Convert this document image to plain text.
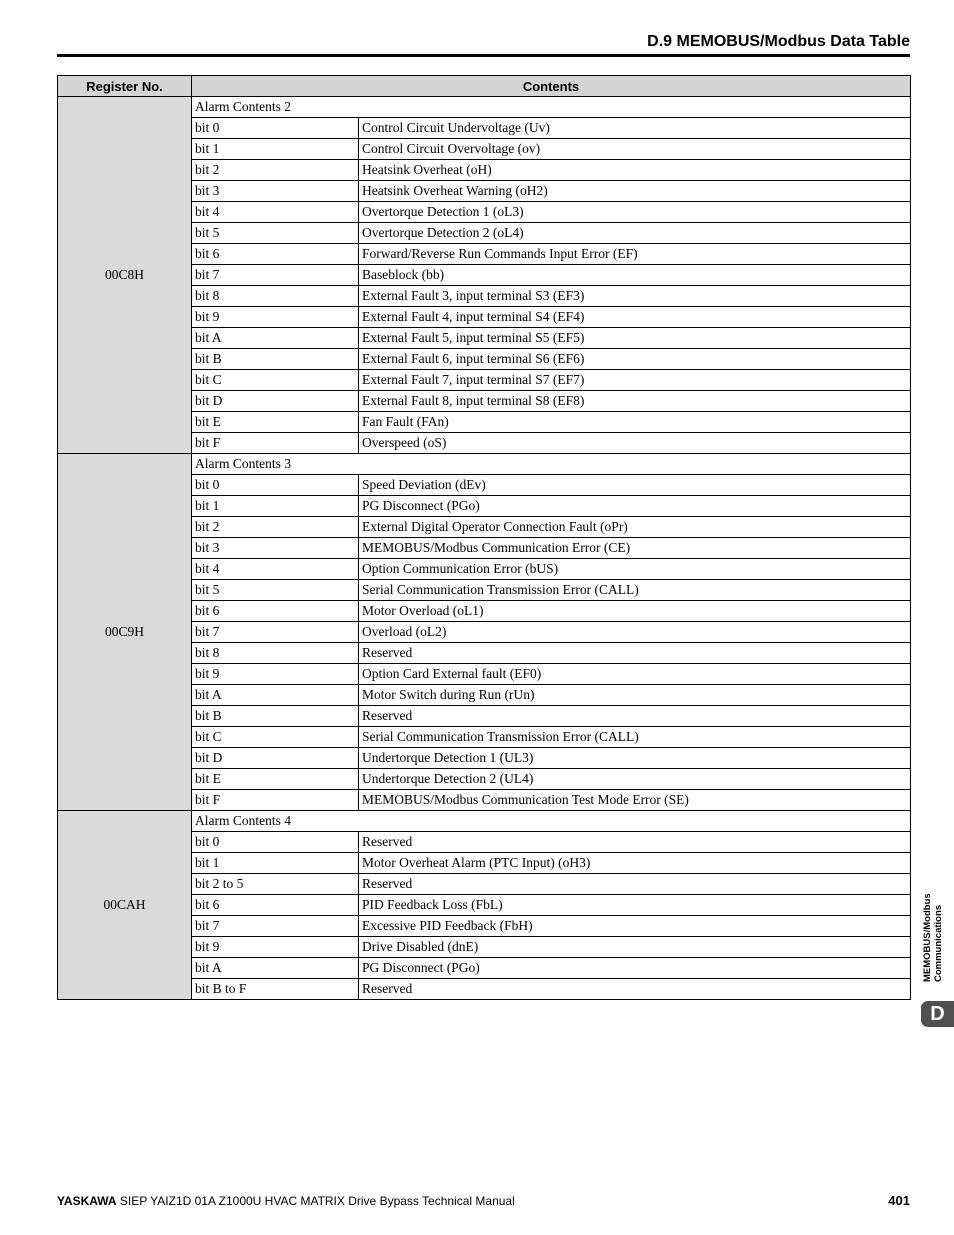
D.9 MEMOBUS/Modbus Data Table
Register No.	Contents	
00C8H	Alarm Contents 2	
	bit 0	Control Circuit Undervoltage (Uv)
	bit 1	Control Circuit Overvoltage (ov)
	bit 2	Heatsink Overheat (oH)
	bit 3	Heatsink Overheat Warning (oH2)
	bit 4	Overtorque Detection 1 (oL3)
	bit 5	Overtorque Detection 2 (oL4)
	bit 6	Forward/Reverse Run Commands Input Error (EF)
	bit 7	Baseblock (bb)
	bit 8	External Fault 3, input terminal S3 (EF3)
	bit 9	External Fault 4, input terminal S4 (EF4)
	bit A	External Fault 5, input terminal S5 (EF5)
	bit B	External Fault 6, input terminal S6 (EF6)
	bit C	External Fault 7, input terminal S7 (EF7)
	bit D	External Fault 8, input terminal S8 (EF8)
	bit E	Fan Fault (FAn)
	bit F	Overspeed (oS)
00C9H	Alarm Contents 3	
	bit 0	Speed Deviation (dEv)
	bit 1	PG Disconnect (PGo)
	bit 2	External Digital Operator Connection Fault (oPr)
	bit 3	MEMOBUS/Modbus Communication Error (CE)
	bit 4	Option Communication Error (bUS)
	bit 5	Serial Communication Transmission Error (CALL)
	bit 6	Motor Overload (oL1)
	bit 7	Overload (oL2)
	bit 8	Reserved
	bit 9	Option Card External fault (EF0)
	bit A	Motor Switch during Run (rUn)
	bit B	Reserved
	bit C	Serial Communication Transmission Error (CALL)
	bit D	Undertorque Detection 1 (UL3)
	bit E	Undertorque Detection 2 (UL4)
	bit F	MEMOBUS/Modbus Communication Test Mode Error (SE)
00CAH	Alarm Contents 4	
	bit 0	Reserved
	bit 1	Motor Overheat Alarm (PTC Input) (oH3)
	bit 2 to 5	Reserved
	bit 6	PID Feedback Loss (FbL)
	bit 7	Excessive PID Feedback (FbH)
	bit 9	Drive Disabled (dnE)
	bit A	PG Disconnect (PGo)
	bit B to F	Reserved
MEMOBUS/Modbus Communications
D
YASKAWA SIEP YAIZ1D 01A Z1000U HVAC MATRIX Drive Bypass Technical Manual	401
